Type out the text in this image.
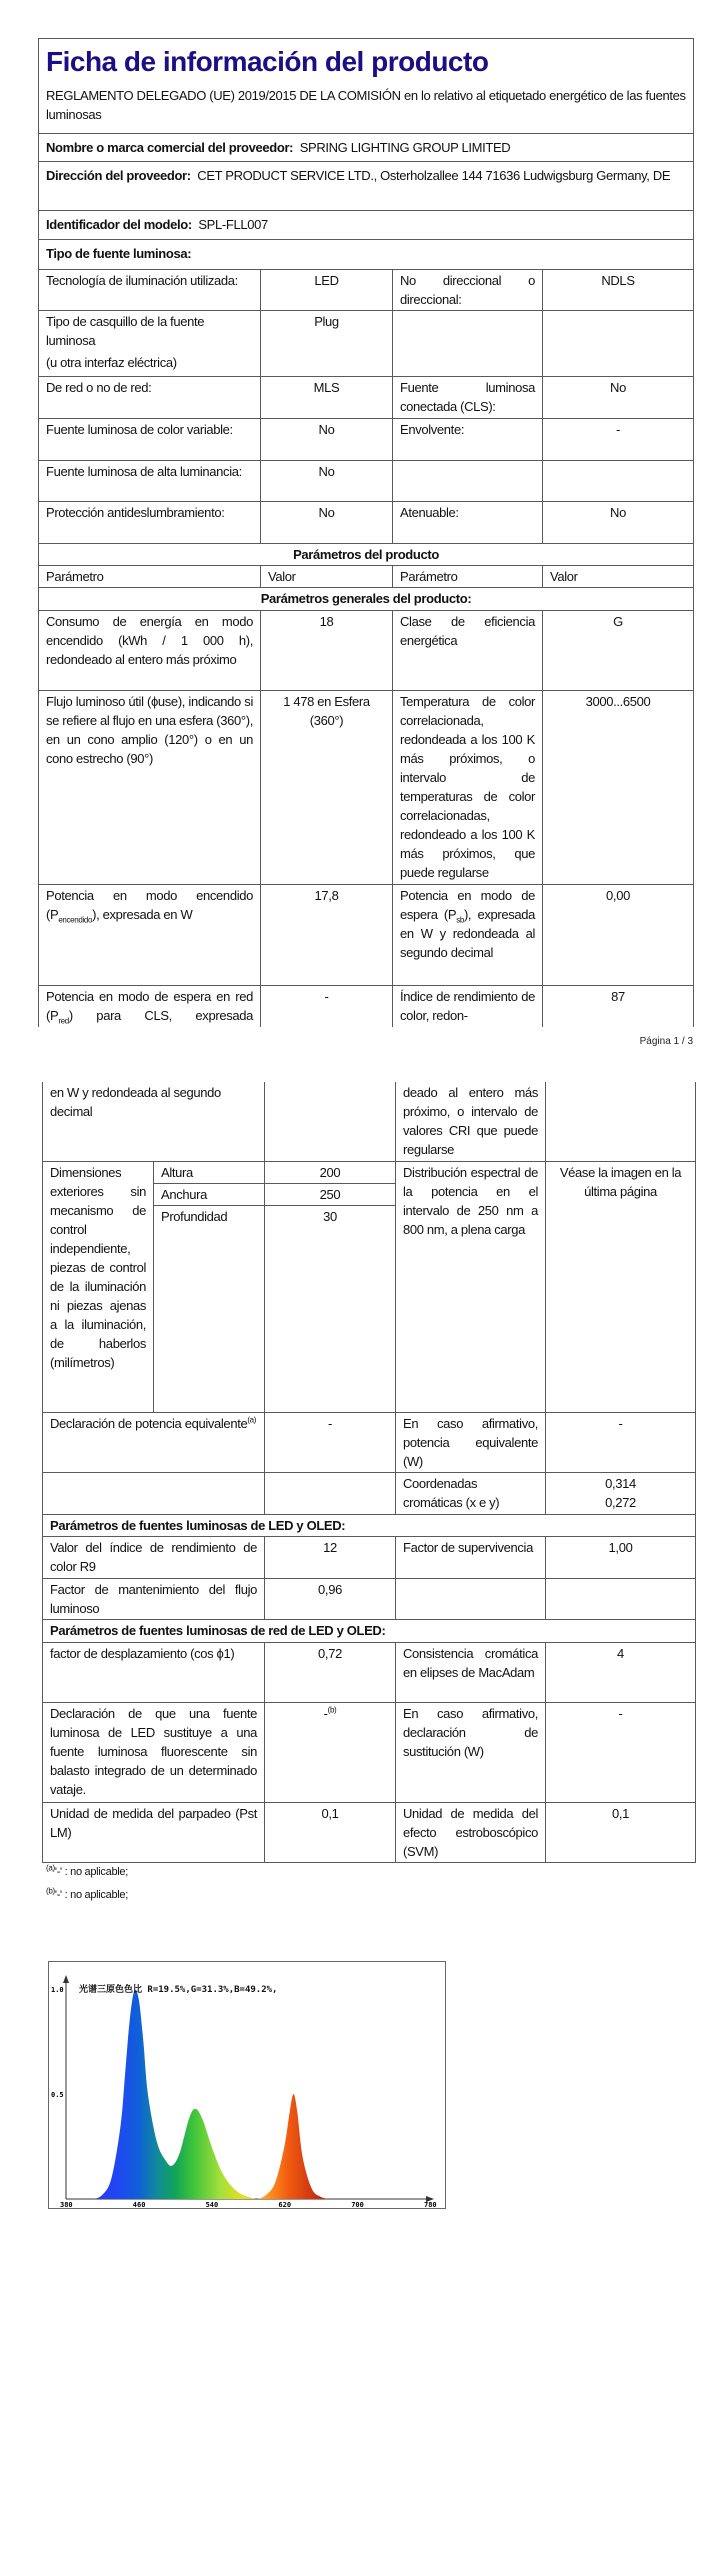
Ficha de información del producto
REGLAMENTO DELEGADO (UE) 2019/2015 DE LA COMISIÓN en lo relativo al etiquetado energético de las fuentes luminosas			

Nombre o marca comercial del proveedor: SPRING LIGHTING GROUP LIMITED			
Dirección del proveedor: CET PRODUCT SERVICE LTD., Osterholzallee 144 71636 Ludwigsburg Germany, DE			
Identificador del modelo: SPL-FLL007			
Tipo de fuente luminosa:			
Tecnología de iluminación utilizada:	LED	No direccional o direccional:	NDLS

Tipo de casquillo de la fuente luminosa
(u otra interfaz eléctrica)	Plug		
De red o no de red:	MLS	Fuente luminosa conectada (CLS):	No
Fuente luminosa de color variable:	No	Envolvente:	-
Fuente luminosa de alta luminancia:	No		
Protección antideslumbramiento:	No	Atenuable:	No
Parámetros del producto			
Parámetro	Valor	Parámetro	Valor
Parámetros generales del producto:			
Consumo de energía en modo encendido (kWh / 1 000 h), redondeado al entero más próximo	18	Clase de eficiencia energética	G
Flujo luminoso útil (ϕuse), indicando si se refiere al flujo en una esfera (360°), en un cono amplio (120°) o en un cono estrecho (90°)	1 478 en Esfera (360°)	Temperatura de color correlacionada, redondeada a los 100 K más próximos, o intervalo de temperaturas de color correlacionadas, redondeado a los 100 K más próximos, que puede regularse	3000...6500
Potencia en modo encendido $(P_{encendido})$, expresada en W	17,8	Potencia en modo de espera $(P_{sb})$, expresada en W y redondeada al segundo decimal	0,00
Potencia en modo de espera en red $(P_{red})$ para CLS, expresada	-	Índice de rendimiento de color, redon-	87
Página 1 / 3
en W y redondeada al segundo decimal			deado al entero más próximo, o intervalo de valores CRI que puede regularse	
Dimensiones exteriores sin mecanismo de control independiente, piezas de control de la iluminación ni piezas ajenas a la iluminación, de haberlos (milímetros)	Altura	200	Distribución espectral de la potencia en el intervalo de 250 nm a 800 nm, a plena carga	Véase la imagen en la última página
	Anchura	250		
	Profundidad	30		
Declaración de potencia equivalente$^{(a)}$		-	En caso afirmativo, potencia equivalente (W)	-
			Coordenadas cromáticas (x e y)	0,314
0,272

Parámetros de fuentes luminosas de LED y OLED:				
Valor del índice de rendimiento de color R9		12	Factor de supervivencia	1,00
Factor de mantenimiento del flujo luminoso		0,96		
Parámetros de fuentes luminosas de red de LED y OLED:				
factor de desplazamiento (cos ϕ1)		0,72	Consistencia cromática en elipses de MacAdam	4
Declaración de que una fuente luminosa de LED sustituye a una fuente luminosa fluorescente sin balasto integrado de un determinado vataje.		-$^{(b)}$	En caso afirmativo, declaración de sustitución (W)	-
Unidad de medida del parpadeo (Pst LM)		0,1	Unidad de medida del efecto estroboscópico (SVM)	0,1
$^{(a)}$'-' : no aplicable;
$^{(b)}$'-' : no aplicable;
光谱三原色色比 R=19.5%,G=31.3%,B=49.2%,
380	460	540	620	700	780
1.0
0.5
